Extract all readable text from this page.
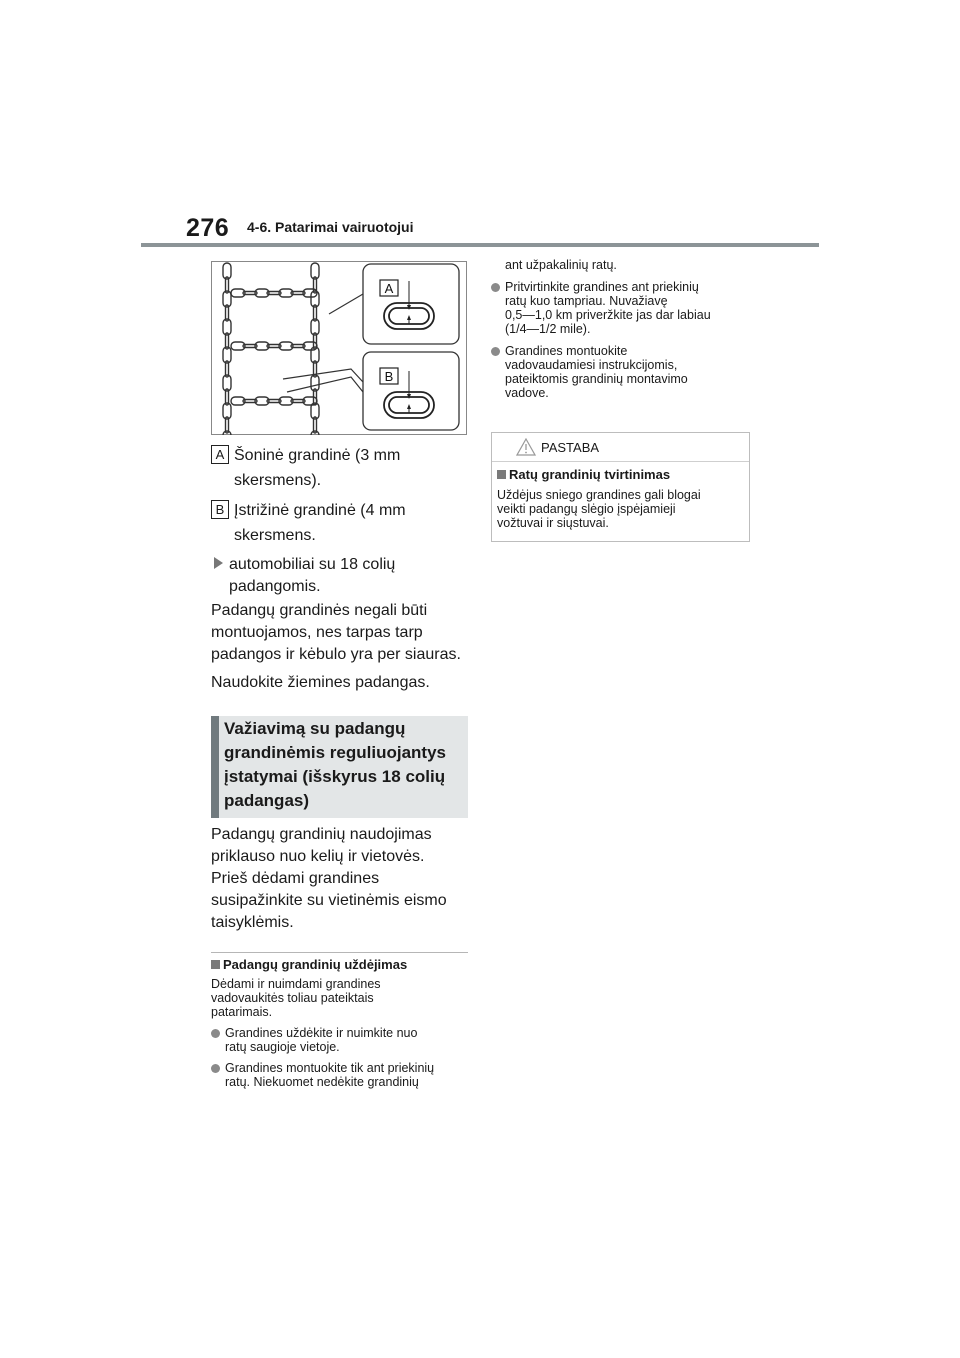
276 4-6. Patarimai vairuotojui
A
B
A Šoninė grandinė (3 mm
skersmens).
B Įstrižinė grandinė (4 mm
skersmens.
automobiliai su 18 colių
padangomis.
Padangų grandinės negali būti
montuojamos, nes tarpas tarp
padangos ir kėbulo yra per siauras.
Naudokite žiemines padangas.
Važiavimą su padangų
grandinėmis reguliuojantys
įstatymai (išskyrus 18 colių
padangas)
Padangų grandinių naudojimas
priklauso nuo kelių ir vietovės.
Prieš dėdami grandines
susipažinkite su vietinėmis eismo
taisyklėmis.
Padangų grandinių uždėjimas
Dėdami ir nuimdami grandines
vadovaukitės toliau pateiktais
patarimais.
Grandines uždėkite ir nuimkite nuo
ratų saugioje vietoje.
Grandines montuokite tik ant priekinių
ratų. Niekuomet nedėkite grandinių
ant užpakalinių ratų.
Pritvirtinkite grandines ant priekinių
ratų kuo tampriau. Nuvažiavę
0,5—1,0 km priveržkite jas dar labiau
(1/4—1/2 mile).
Grandines montuokite
vadovaudamiesi instrukcijomis,
pateiktomis grandinių montavimo
vadove.
PASTABA
Ratų grandinių tvirtinimas
Uždėjus sniego grandines gali blogai
veikti padangų slėgio įspėjamieji
vožtuvai ir siųstuvai.
